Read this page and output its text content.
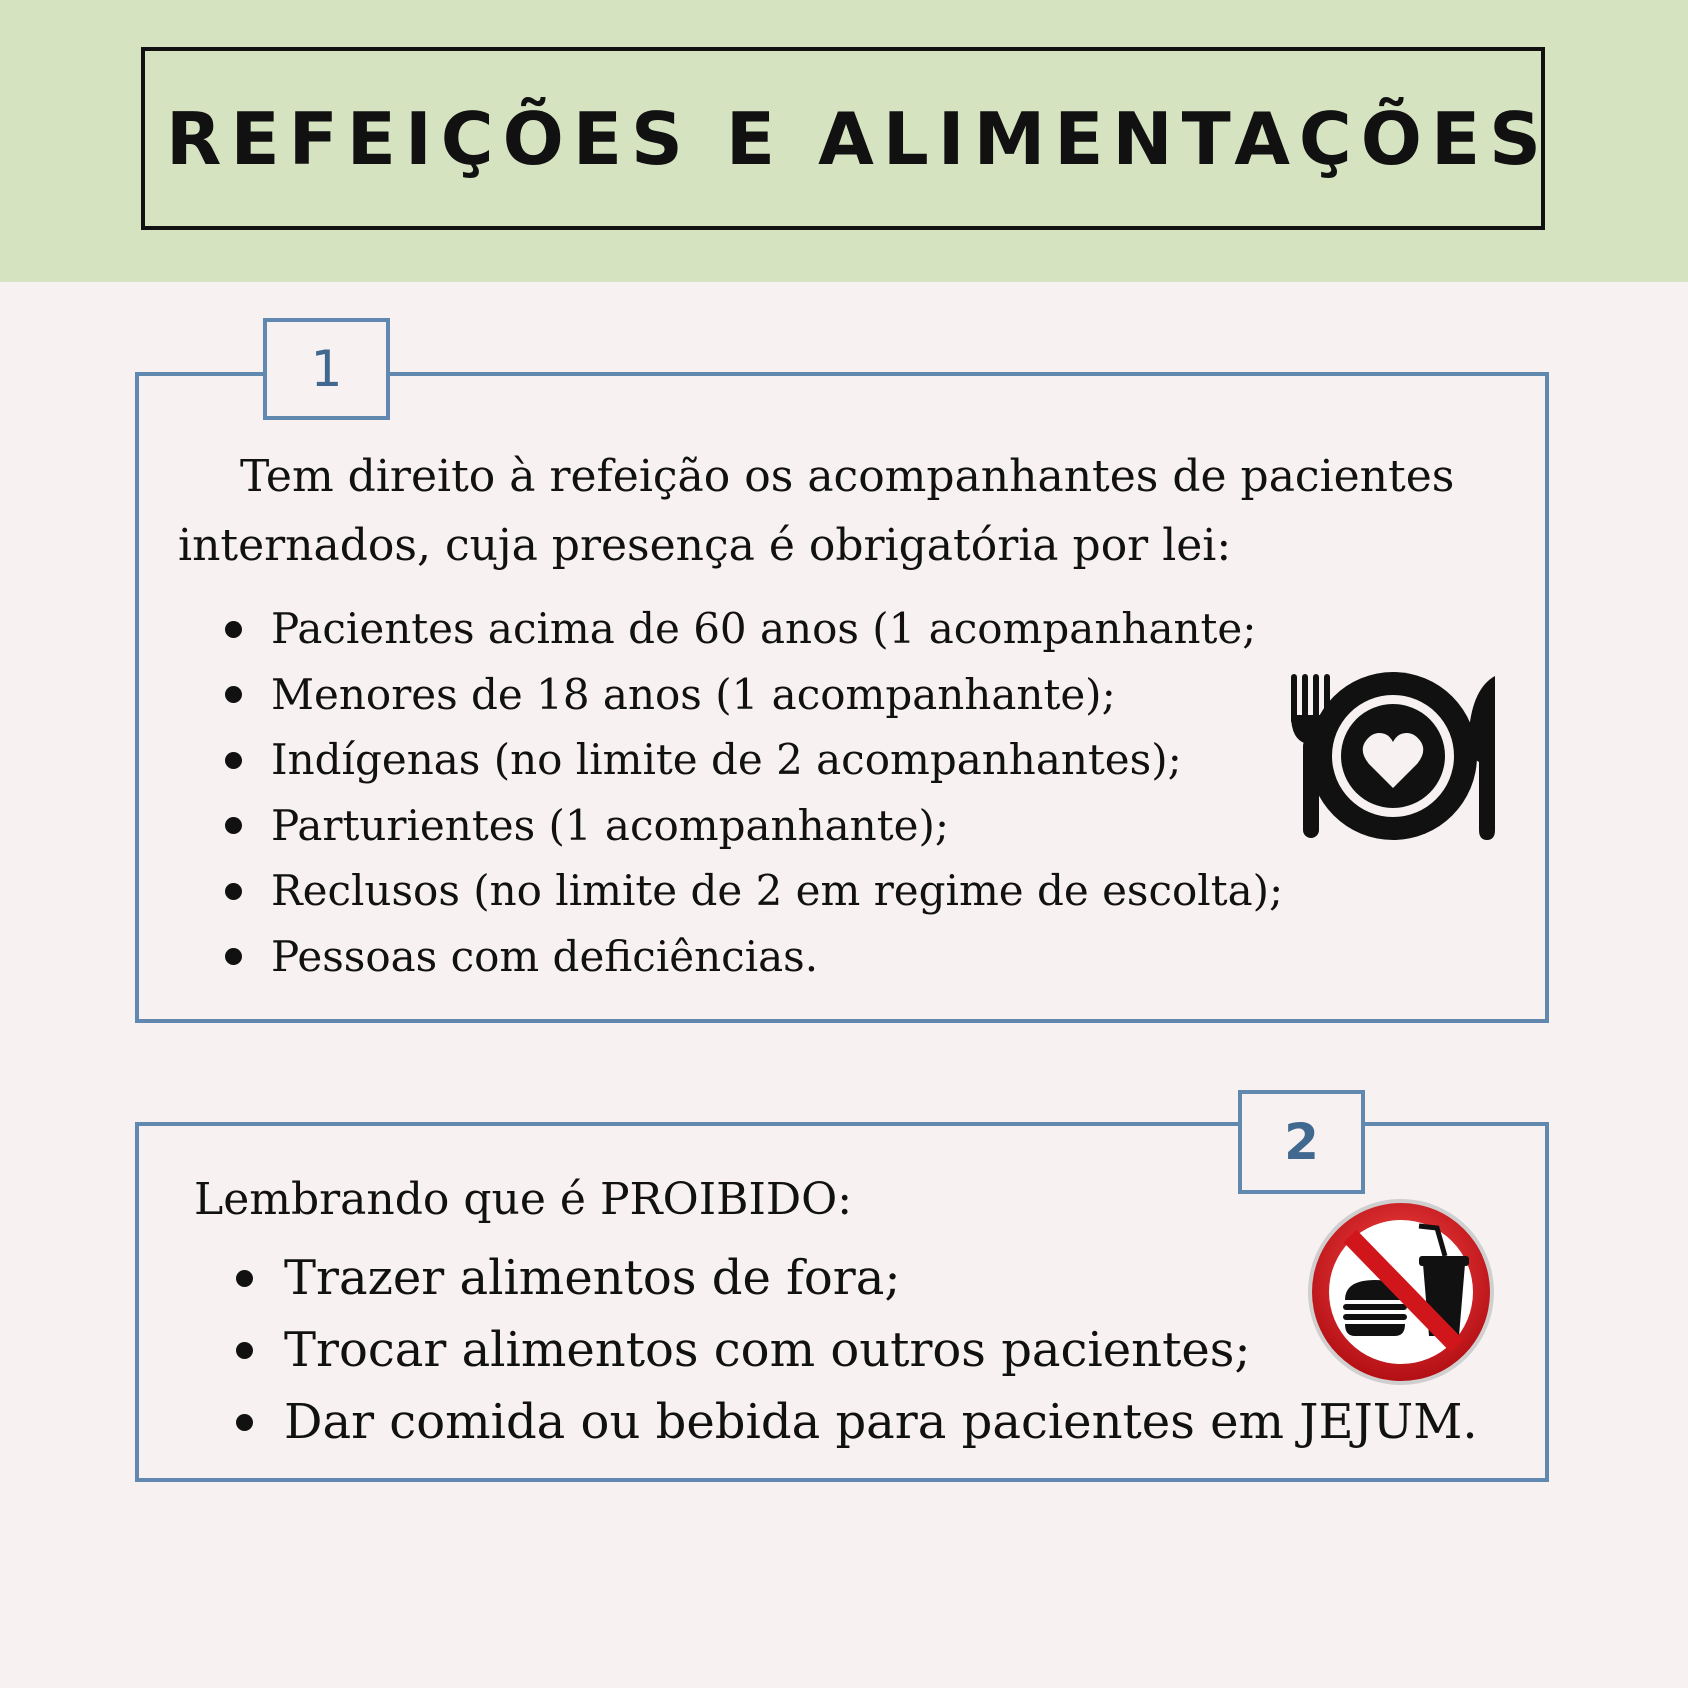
REFEIÇÕES E ALIMENTAÇÕES
1

Tem direito à refeição os acompanhantes de pacientes
internados, cuja presença é obrigatória por lei:

Pacientes acima de 60 anos (1 acompanhante;
Menores de 18 anos (1 acompanhante);
Indígenas (no limite de 2 acompanhantes);
Parturientes (1 acompanhante);
Reclusos (no limite de 2 em regime de escolta);
Pessoas com deficiências.
2
Lembrando que é PROIBIDO:
Trazer alimentos de fora;
Trocar alimentos com outros pacientes;
Dar comida ou bebida para pacientes em JEJUM.
